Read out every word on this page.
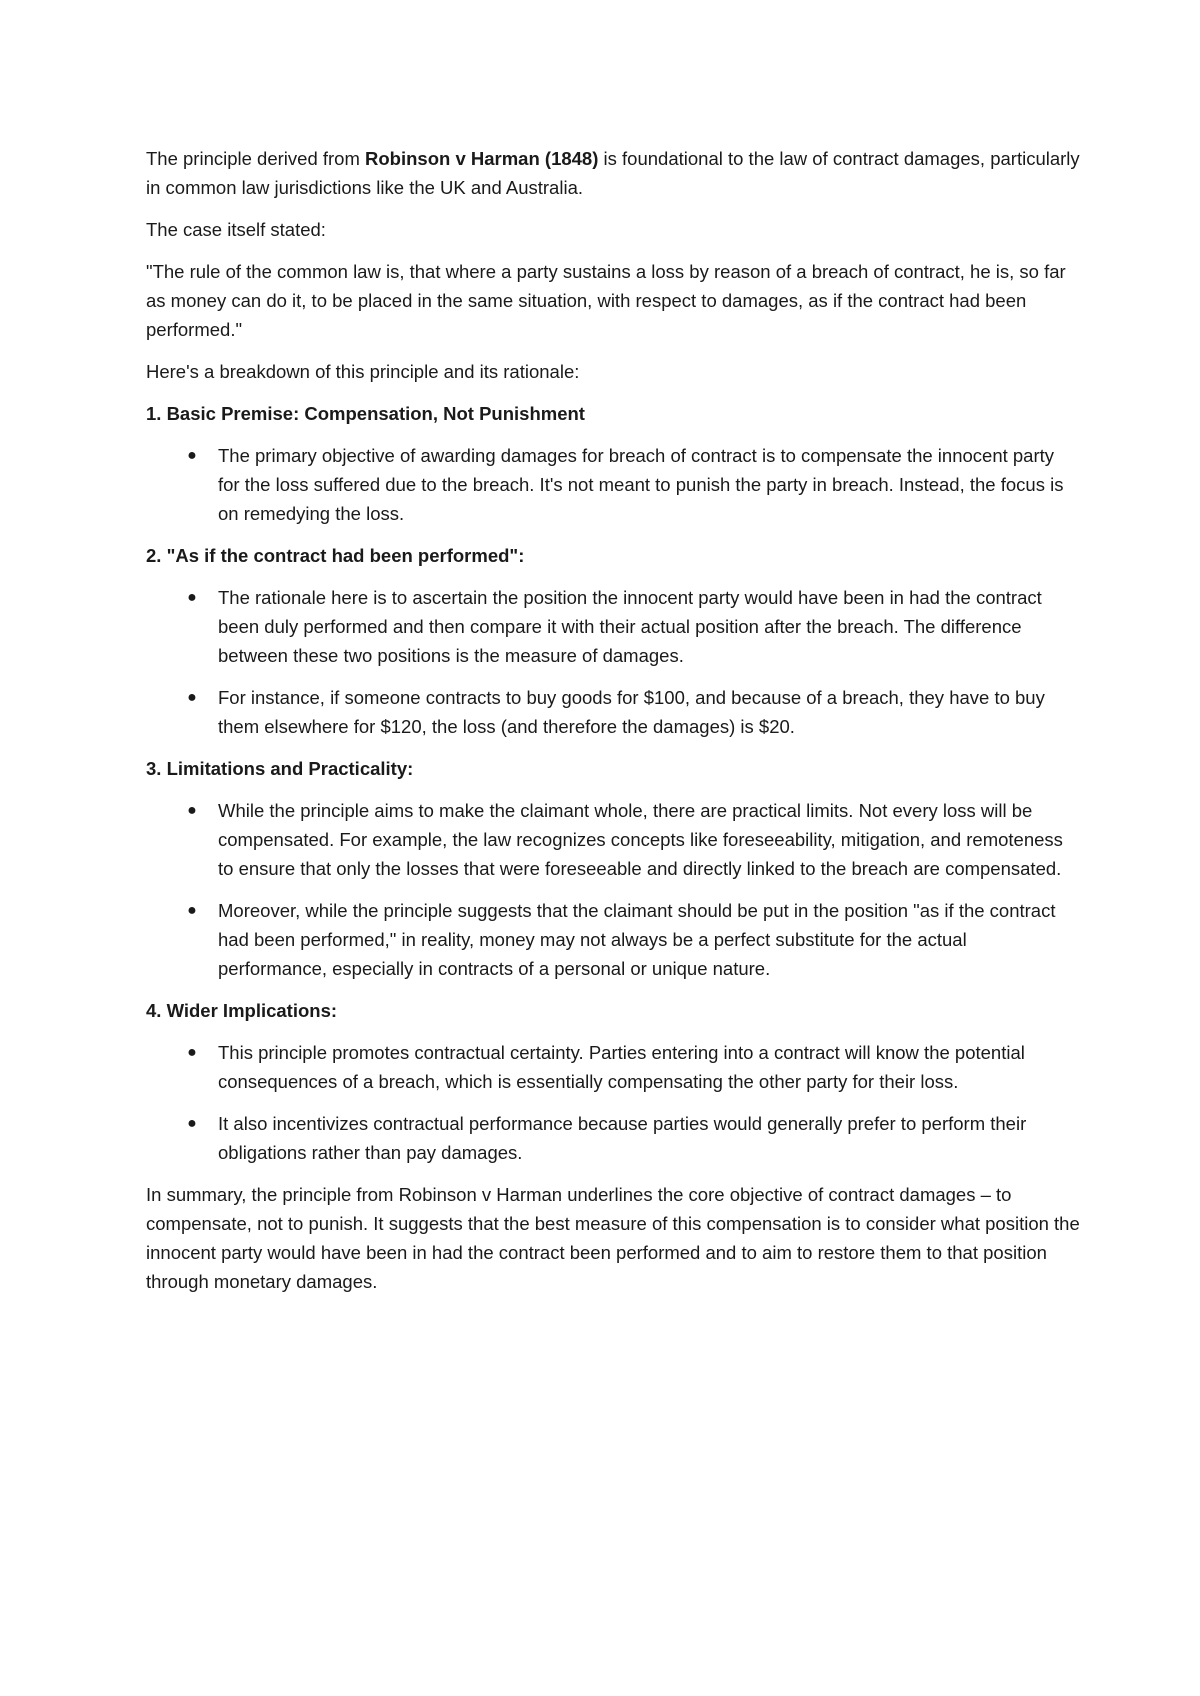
The principle derived from Robinson v Harman (1848) is foundational to the law of contract damages, particularly in common law jurisdictions like the UK and Australia.

The case itself stated:

"The rule of the common law is, that where a party sustains a loss by reason of a breach of contract, he is, so far as money can do it, to be placed in the same situation, with respect to damages, as if the contract had been performed."

Here's a breakdown of this principle and its rationale:

1. Basic Premise: Compensation, Not Punishment

●
The primary objective of awarding damages for breach of contract is to compensate the innocent party for the loss suffered due to the breach. It's not meant to punish the party in breach. Instead, the focus is on remedying the loss.

2. "As if the contract had been performed":

●
The rationale here is to ascertain the position the innocent party would have been in had the contract been duly performed and then compare it with their actual position after the breach. The difference between these two positions is the measure of damages.
●
For instance, if someone contracts to buy goods for $100, and because of a breach, they have to buy them elsewhere for $120, the loss (and therefore the damages) is $20.

3. Limitations and Practicality:

●
While the principle aims to make the claimant whole, there are practical limits. Not every loss will be compensated. For example, the law recognizes concepts like foreseeability, mitigation, and remoteness to ensure that only the losses that were foreseeable and directly linked to the breach are compensated.
●
Moreover, while the principle suggests that the claimant should be put in the position "as if the contract had been performed," in reality, money may not always be a perfect substitute for the actual performance, especially in contracts of a personal or unique nature.

4. Wider Implications:

●
This principle promotes contractual certainty. Parties entering into a contract will know the potential consequences of a breach, which is essentially compensating the other party for their loss.
●
It also incentivizes contractual performance because parties would generally prefer to perform their obligations rather than pay damages.

In summary, the principle from Robinson v Harman underlines the core objective of contract damages – to compensate, not to punish. It suggests that the best measure of this compensation is to consider what position the innocent party would have been in had the contract been performed and to aim to restore them to that position through monetary damages.
